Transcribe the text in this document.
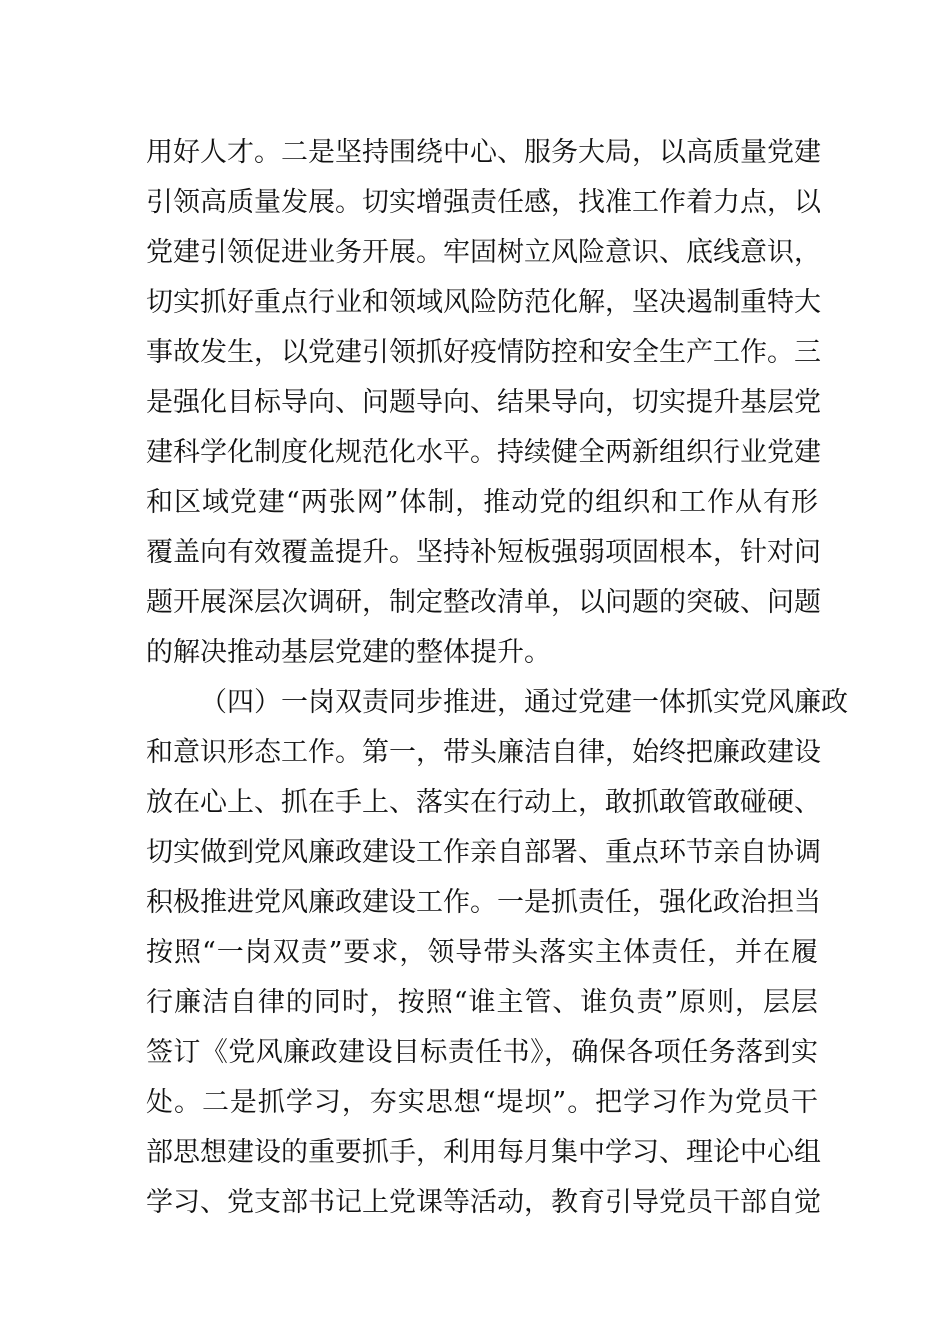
用好人才。二是坚持围绕中心、服务大局，以高质量党建
引领高质量发展。切实增强责任感，找准工作着力点，以
党建引领促进业务开展。牢固树立风险意识、底线意识，
切实抓好重点行业和领域风险防范化解，坚决遏制重特大
事故发生，以党建引领抓好疫情防控和安全生产工作。三
是强化目标导向、问题导向、结果导向，切实提升基层党
建科学化制度化规范化水平。持续健全两新组织行业党建
和区域党建“两张网”体制，推动党的组织和工作从有形
覆盖向有效覆盖提升。坚持补短板强弱项固根本，针对问
题开展深层次调研，制定整改清单，以问题的突破、问题
的解决推动基层党建的整体提升。
（四）一岗双责同步推进，通过党建一体抓实党风廉政
和意识形态工作。第一，带头廉洁自律，始终把廉政建设
放在心上、抓在手上、落实在行动上，敢抓敢管敢碰硬、
切实做到党风廉政建设工作亲自部署、重点环节亲自协调
积极推进党风廉政建设工作。一是抓责任，强化政治担当
按照“一岗双责”要求，领导带头落实主体责任，并在履
行廉洁自律的同时，按照“谁主管、谁负责”原则，层层
签订《党风廉政建设目标责任书》，确保各项任务落到实
处。二是抓学习，夯实思想“堤坝”。把学习作为党员干
部思想建设的重要抓手，利用每月集中学习、理论中心组
学习、党支部书记上党课等活动，教育引导党员干部自觉
